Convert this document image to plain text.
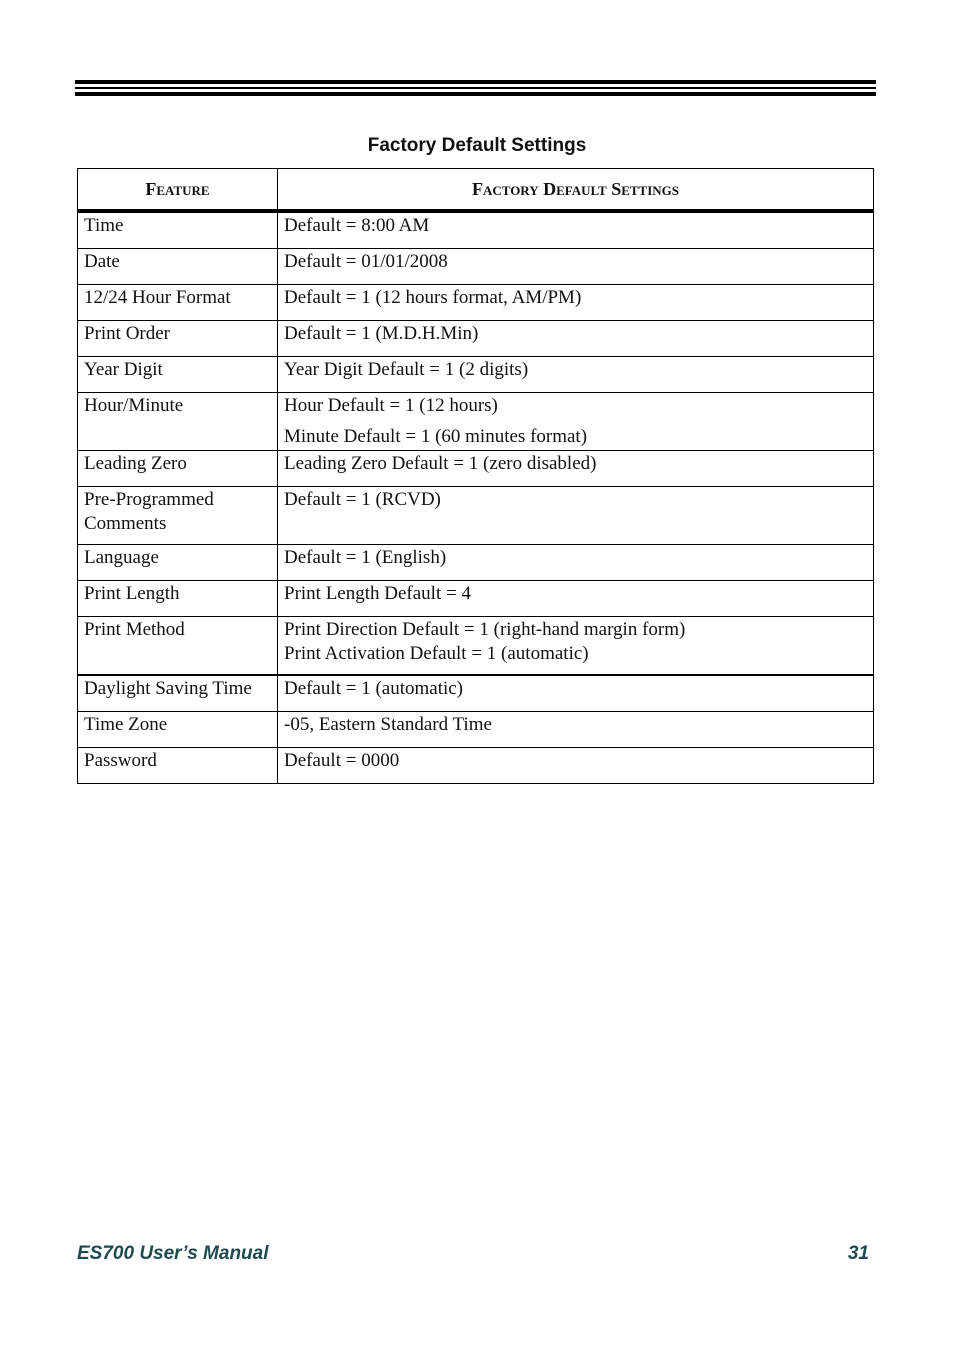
Factory Default Settings
Feature	Factory Default Settings
Time	Default = 8:00 AM

Date	Default = 01/01/2008

12/24 Hour Format	Default = 1 (12 hours format, AM/PM)

Print Order	Default = 1 (M.D.H.Min)

Year Digit	Year Digit Default = 1 (2 digits)

Hour/Minute	Hour Default = 1 (12 hours)
Minute Default = 1 (60 minutes format)

Leading Zero	Leading Zero Default = 1 (zero disabled)

Pre-Programmed Comments	Default = 1 (RCVD)

Language	Default = 1 (English)

Print Length	Print Length Default = 4

Print Method	Print Direction Default = 1 (right-hand margin form)
Print Activation Default = 1 (automatic)

Daylight Saving Time	Default = 1 (automatic)

Time Zone	-05, Eastern Standard Time

Password	Default = 0000
ES700 User’s Manual	31
